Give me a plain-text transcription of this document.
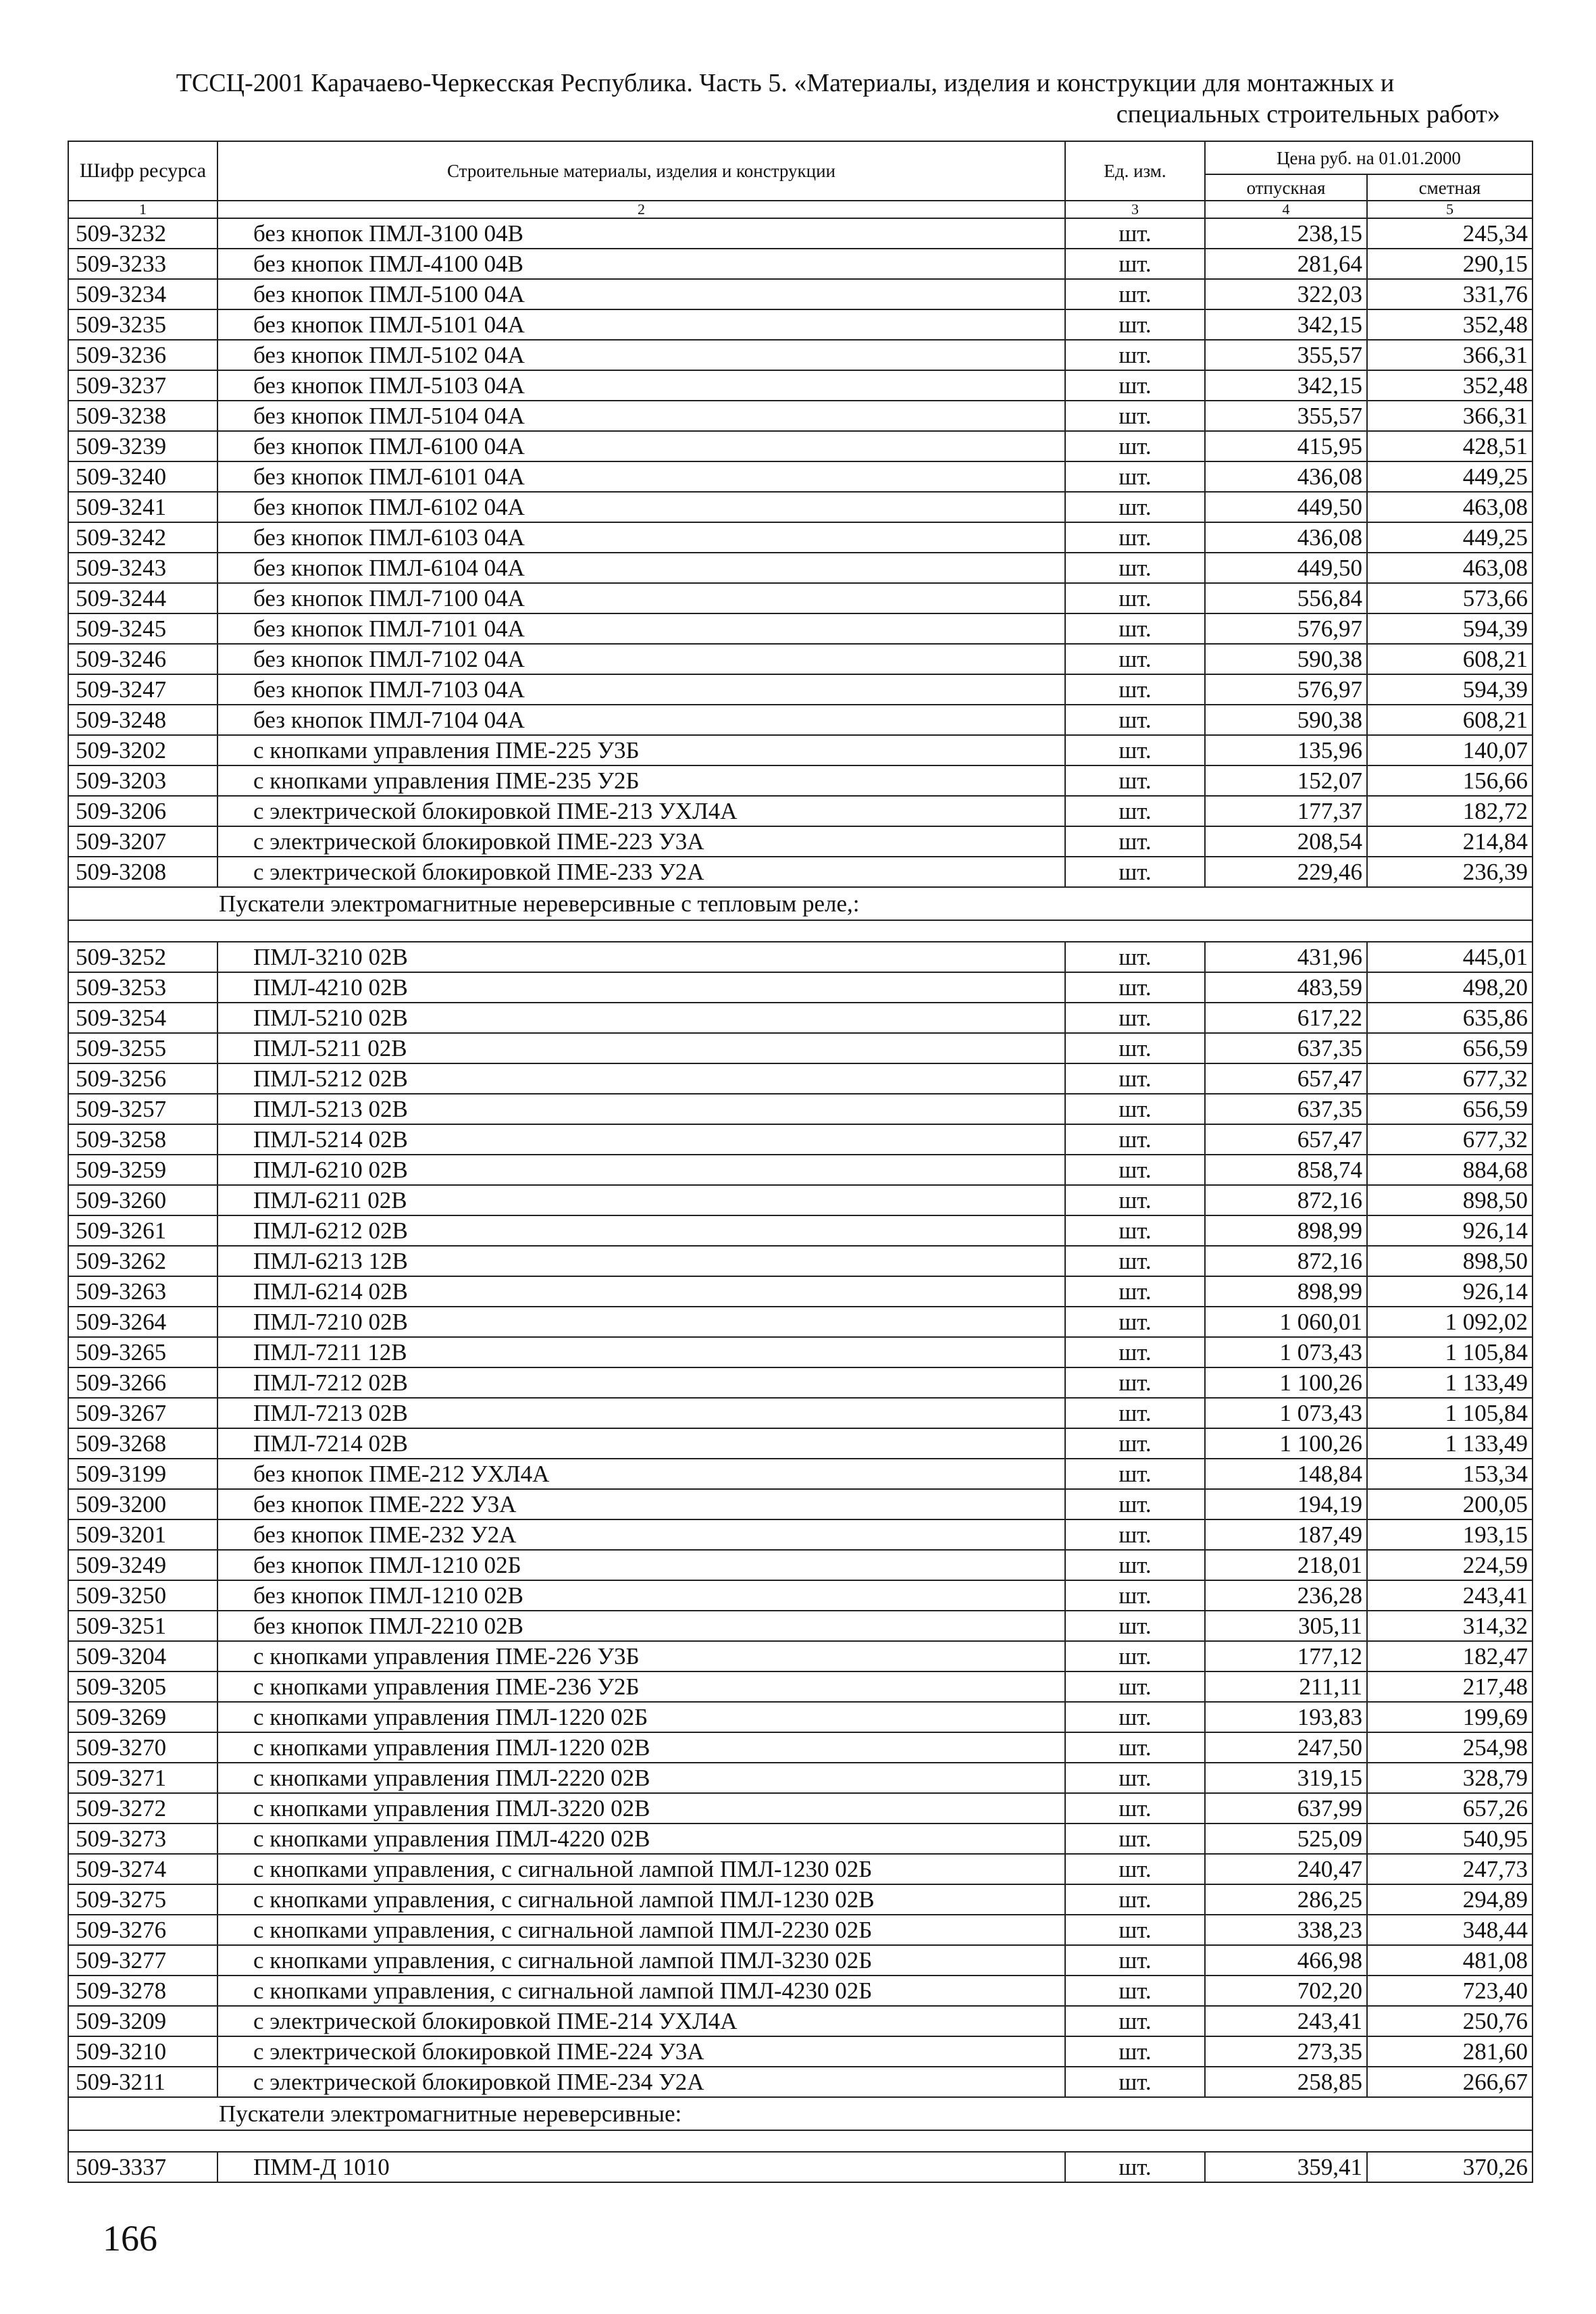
ТССЦ-2001 Карачаево-Черкесская Республика. Часть 5. «Материалы, изделия и конструкции для монтажных и
специальных строительных работ»
Шифр ресурса	Строительные материалы, изделия и конструкции	Ед. изм.	Цена руб. на 01.01.2000	
			отпускная	сметная
1	2	3	4	5
509-3232	без кнопок ПМЛ-3100 04В	шт.	238,15	245,34
509-3233	без кнопок ПМЛ-4100 04В	шт.	281,64	290,15
509-3234	без кнопок ПМЛ-5100 04А	шт.	322,03	331,76
509-3235	без кнопок ПМЛ-5101 04А	шт.	342,15	352,48
509-3236	без кнопок ПМЛ-5102 04А	шт.	355,57	366,31
509-3237	без кнопок ПМЛ-5103 04А	шт.	342,15	352,48
509-3238	без кнопок ПМЛ-5104 04А	шт.	355,57	366,31
509-3239	без кнопок ПМЛ-6100 04А	шт.	415,95	428,51
509-3240	без кнопок ПМЛ-6101 04А	шт.	436,08	449,25
509-3241	без кнопок ПМЛ-6102 04А	шт.	449,50	463,08
509-3242	без кнопок ПМЛ-6103 04А	шт.	436,08	449,25
509-3243	без кнопок ПМЛ-6104 04А	шт.	449,50	463,08
509-3244	без кнопок ПМЛ-7100 04А	шт.	556,84	573,66
509-3245	без кнопок ПМЛ-7101 04А	шт.	576,97	594,39
509-3246	без кнопок ПМЛ-7102 04А	шт.	590,38	608,21
509-3247	без кнопок ПМЛ-7103 04А	шт.	576,97	594,39
509-3248	без кнопок ПМЛ-7104 04А	шт.	590,38	608,21
509-3202	с кнопками управления ПМЕ-225 У3Б	шт.	135,96	140,07
509-3203	с кнопками управления ПМЕ-235 У2Б	шт.	152,07	156,66
509-3206	с электрической блокировкой ПМЕ-213 УХЛ4А	шт.	177,37	182,72
509-3207	с электрической блокировкой ПМЕ-223 У3А	шт.	208,54	214,84
509-3208	с электрической блокировкой ПМЕ-233 У2А	шт.	229,46	236,39
Пускатели электромагнитные нереверсивные с тепловым реле,:				

509-3252	ПМЛ-3210 02В	шт.	431,96	445,01
509-3253	ПМЛ-4210 02В	шт.	483,59	498,20
509-3254	ПМЛ-5210 02В	шт.	617,22	635,86
509-3255	ПМЛ-5211 02В	шт.	637,35	656,59
509-3256	ПМЛ-5212 02В	шт.	657,47	677,32
509-3257	ПМЛ-5213 02В	шт.	637,35	656,59
509-3258	ПМЛ-5214 02В	шт.	657,47	677,32
509-3259	ПМЛ-6210 02В	шт.	858,74	884,68
509-3260	ПМЛ-6211 02В	шт.	872,16	898,50
509-3261	ПМЛ-6212 02В	шт.	898,99	926,14
509-3262	ПМЛ-6213 12В	шт.	872,16	898,50
509-3263	ПМЛ-6214 02В	шт.	898,99	926,14
509-3264	ПМЛ-7210 02В	шт.	1 060,01	1 092,02
509-3265	ПМЛ-7211 12В	шт.	1 073,43	1 105,84
509-3266	ПМЛ-7212 02В	шт.	1 100,26	1 133,49
509-3267	ПМЛ-7213 02В	шт.	1 073,43	1 105,84
509-3268	ПМЛ-7214 02В	шт.	1 100,26	1 133,49
509-3199	без кнопок ПМЕ-212 УХЛ4А	шт.	148,84	153,34
509-3200	без кнопок ПМЕ-222 У3А	шт.	194,19	200,05
509-3201	без кнопок ПМЕ-232 У2А	шт.	187,49	193,15
509-3249	без кнопок ПМЛ-1210 02Б	шт.	218,01	224,59
509-3250	без кнопок ПМЛ-1210 02В	шт.	236,28	243,41
509-3251	без кнопок ПМЛ-2210 02В	шт.	305,11	314,32
509-3204	с кнопками управления ПМЕ-226 У3Б	шт.	177,12	182,47
509-3205	с кнопками управления ПМЕ-236 У2Б	шт.	211,11	217,48
509-3269	с кнопками управления ПМЛ-1220 02Б	шт.	193,83	199,69
509-3270	с кнопками управления ПМЛ-1220 02В	шт.	247,50	254,98
509-3271	с кнопками управления ПМЛ-2220 02В	шт.	319,15	328,79
509-3272	с кнопками управления ПМЛ-3220 02В	шт.	637,99	657,26
509-3273	с кнопками управления ПМЛ-4220 02В	шт.	525,09	540,95
509-3274	с кнопками управления, с сигнальной лампой ПМЛ-1230 02Б	шт.	240,47	247,73
509-3275	с кнопками управления, с сигнальной лампой ПМЛ-1230 02В	шт.	286,25	294,89
509-3276	с кнопками управления, с сигнальной лампой ПМЛ-2230 02Б	шт.	338,23	348,44
509-3277	с кнопками управления, с сигнальной лампой ПМЛ-3230 02Б	шт.	466,98	481,08
509-3278	с кнопками управления, с сигнальной лампой ПМЛ-4230 02Б	шт.	702,20	723,40
509-3209	с электрической блокировкой ПМЕ-214 УХЛ4А	шт.	243,41	250,76
509-3210	с электрической блокировкой ПМЕ-224 У3А	шт.	273,35	281,60
509-3211	с электрической блокировкой ПМЕ-234 У2А	шт.	258,85	266,67
Пускатели электромагнитные нереверсивные:				

509-3337	ПММ-Д 1010	шт.	359,41	370,26
166
